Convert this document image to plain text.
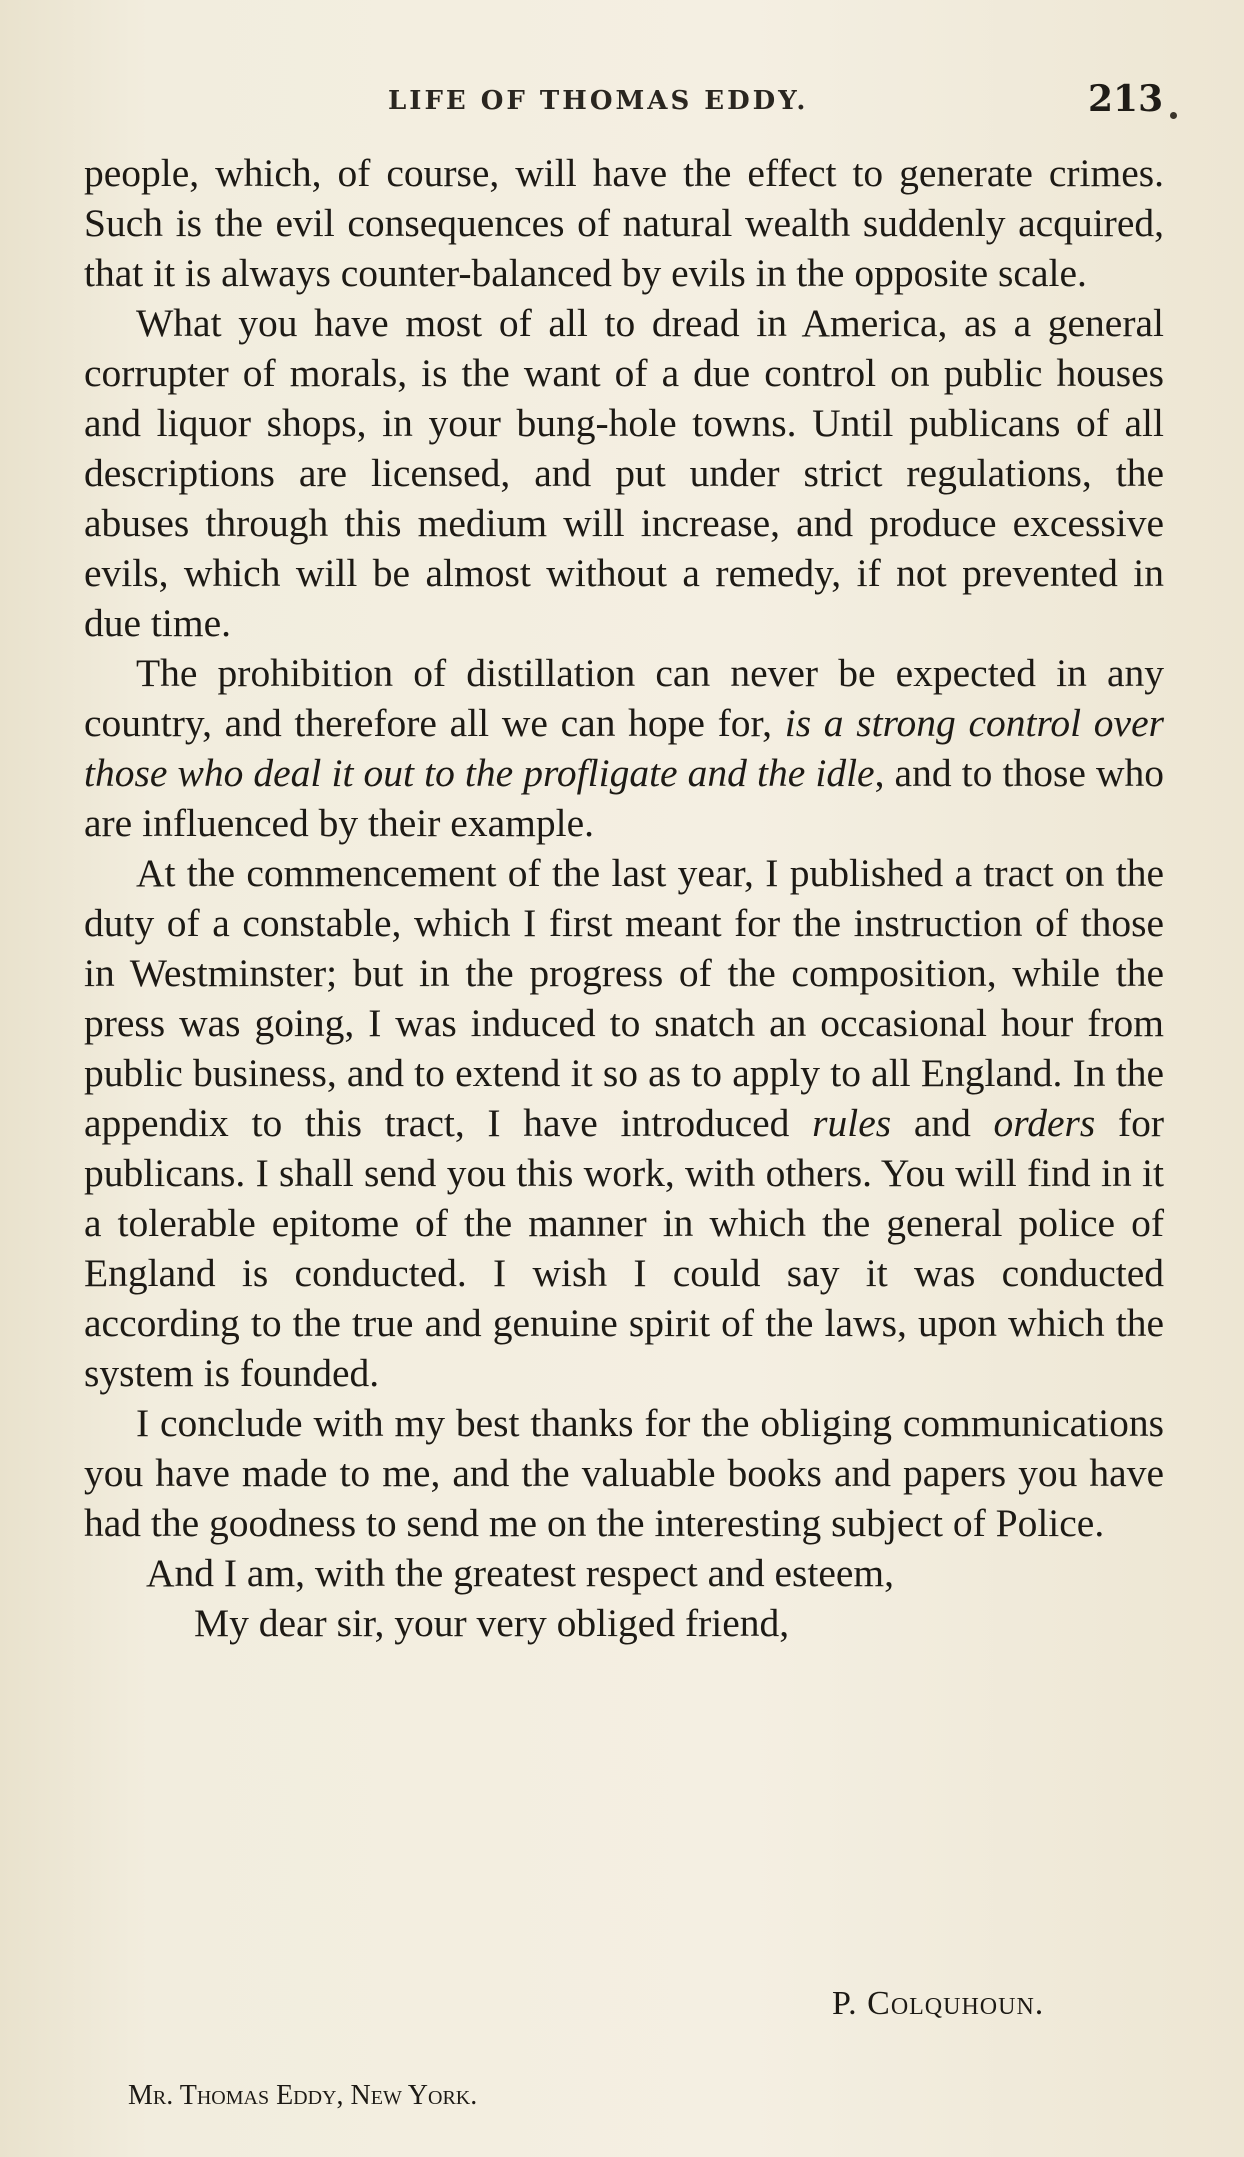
LIFE OF THOMAS EDDY.	213

people, which, of course, will have the effect to generate crimes. Such is the evil consequences of natural wealth suddenly acquired, that it is always counter-balanced by evils in the opposite scale.

What you have most of all to dread in America, as a general corrupter of morals, is the want of a due control on public houses and liquor shops, in your bung-hole towns. Until publicans of all descriptions are licensed, and put under strict regulations, the abuses through this medium will increase, and produce excessive evils, which will be almost without a remedy, if not prevented in due time.

The prohibition of distillation can never be expected in any country, and therefore all we can hope for, is a strong control over those who deal it out to the profligate and the idle, and to those who are influenced by their example.

At the commencement of the last year, I published a tract on the duty of a constable, which I first meant for the instruction of those in Westminster; but in the progress of the composition, while the press was going, I was induced to snatch an occasional hour from public business, and to extend it so as to apply to all England. In the appendix to this tract, I have introduced rules and orders for publicans. I shall send you this work, with others. You will find in it a tolerable epitome of the manner in which the general police of England is conducted. I wish I could say it was conducted according to the true and genuine spirit of the laws, upon which the system is founded.

I conclude with my best thanks for the obliging communications you have made to me, and the valuable books and papers you have had the goodness to send me on the interesting subject of Police.

And I am, with the greatest respect and esteem,

My dear sir, your very obliged friend,

P. Colquhoun.
Mr. Thomas Eddy, New York.
